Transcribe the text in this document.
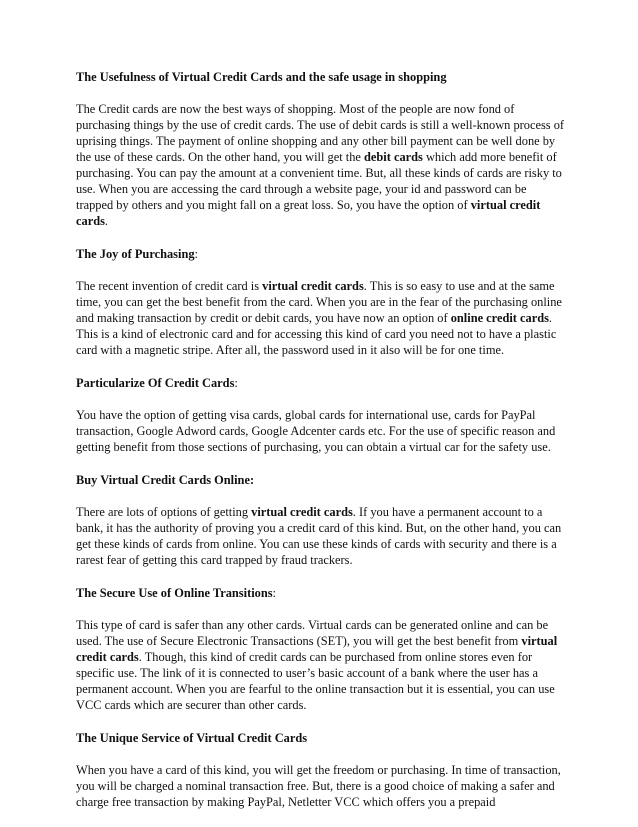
The Usefulness of Virtual Credit Cards and the safe usage in shopping

The Credit cards are now the best ways of shopping. Most of the people are now fond of purchasing things by the use of credit cards. The use of debit cards is still a well-known process of uprising things. The payment of online shopping and any other bill payment can be well done by the use of these cards. On the other hand, you will get the debit cards which add more benefit of purchasing. You can pay the amount at a convenient time. But, all these kinds of cards are risky to use. When you are accessing the card through a website page, your id and password can be trapped by others and you might fall on a great loss. So, you have the option of virtual credit cards.

The Joy of Purchasing:

The recent invention of credit card is virtual credit cards. This is so easy to use and at the same time, you can get the best benefit from the card. When you are in the fear of the purchasing online and making transaction by credit or debit cards, you have now an option of online credit cards. This is a kind of electronic card and for accessing this kind of card you need not to have a plastic card with a magnetic stripe. After all, the password used in it also will be for one time.

Particularize Of Credit Cards:

You have the option of getting visa cards, global cards for international use, cards for PayPal transaction, Google Adword cards, Google Adcenter cards etc. For the use of specific reason and getting benefit from those sections of purchasing, you can obtain a virtual car for the safety use.

Buy Virtual Credit Cards Online:

There are lots of options of getting virtual credit cards. If you have a permanent account to a bank, it has the authority of proving you a credit card of this kind. But, on the other hand, you can get these kinds of cards from online. You can use these kinds of cards with security and there is a rarest fear of getting this card trapped by fraud trackers.

The Secure Use of Online Transitions:

This type of card is safer than any other cards. Virtual cards can be generated online and can be used. The use of Secure Electronic Transactions (SET), you will get the best benefit from virtual credit cards. Though, this kind of credit cards can be purchased from online stores even for specific use. The link of it is connected to user’s basic account of a bank where the user has a permanent account. When you are fearful to the online transaction but it is essential, you can use VCC cards which are securer than other cards.

The Unique Service of Virtual Credit Cards

When you have a card of this kind, you will get the freedom or purchasing. In time of transaction, you will be charged a nominal transaction free. But, there is a good choice of making a safer and charge free transaction by making PayPal, Netletter VCC which offers you a prepaid
